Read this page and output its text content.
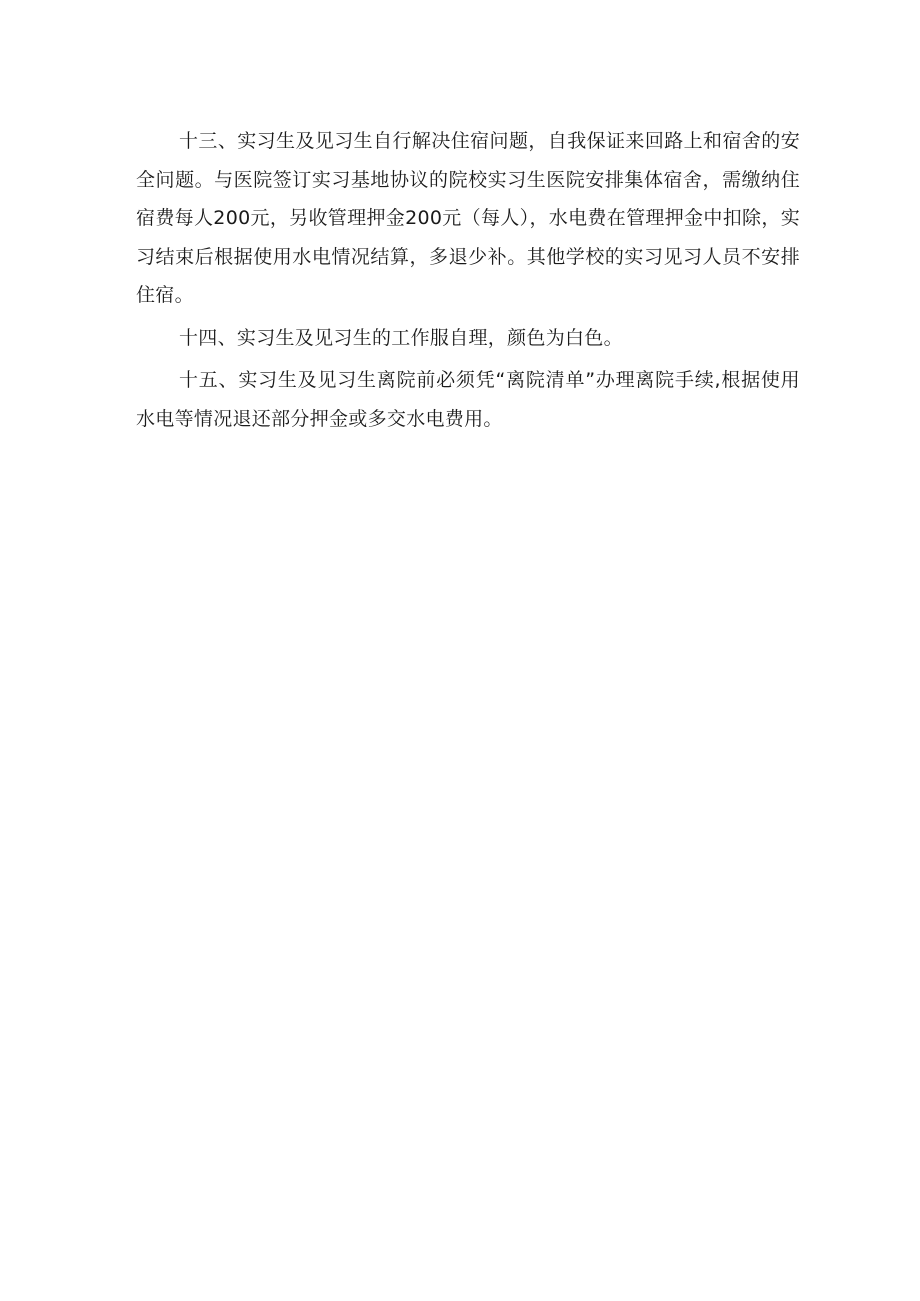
十三、实习生及见习生自行解决住宿问题，自我保证来回路上和宿舍的安全问题。与医院签订实习基地协议的院校实习生医院安排集体宿舍，需缴纳住宿费每人200元，另收管理押金200元（每人），水电费在管理押金中扣除，实习结束后根据使用水电情况结算，多退少补。其他学校的实习见习人员不安排住宿。

十四、实习生及见习生的工作服自理，颜色为白色。

十五、实习生及见习生离院前必须凭“离院清单”办理离院手续,根据使用水电等情况退还部分押金或多交水电费用。
